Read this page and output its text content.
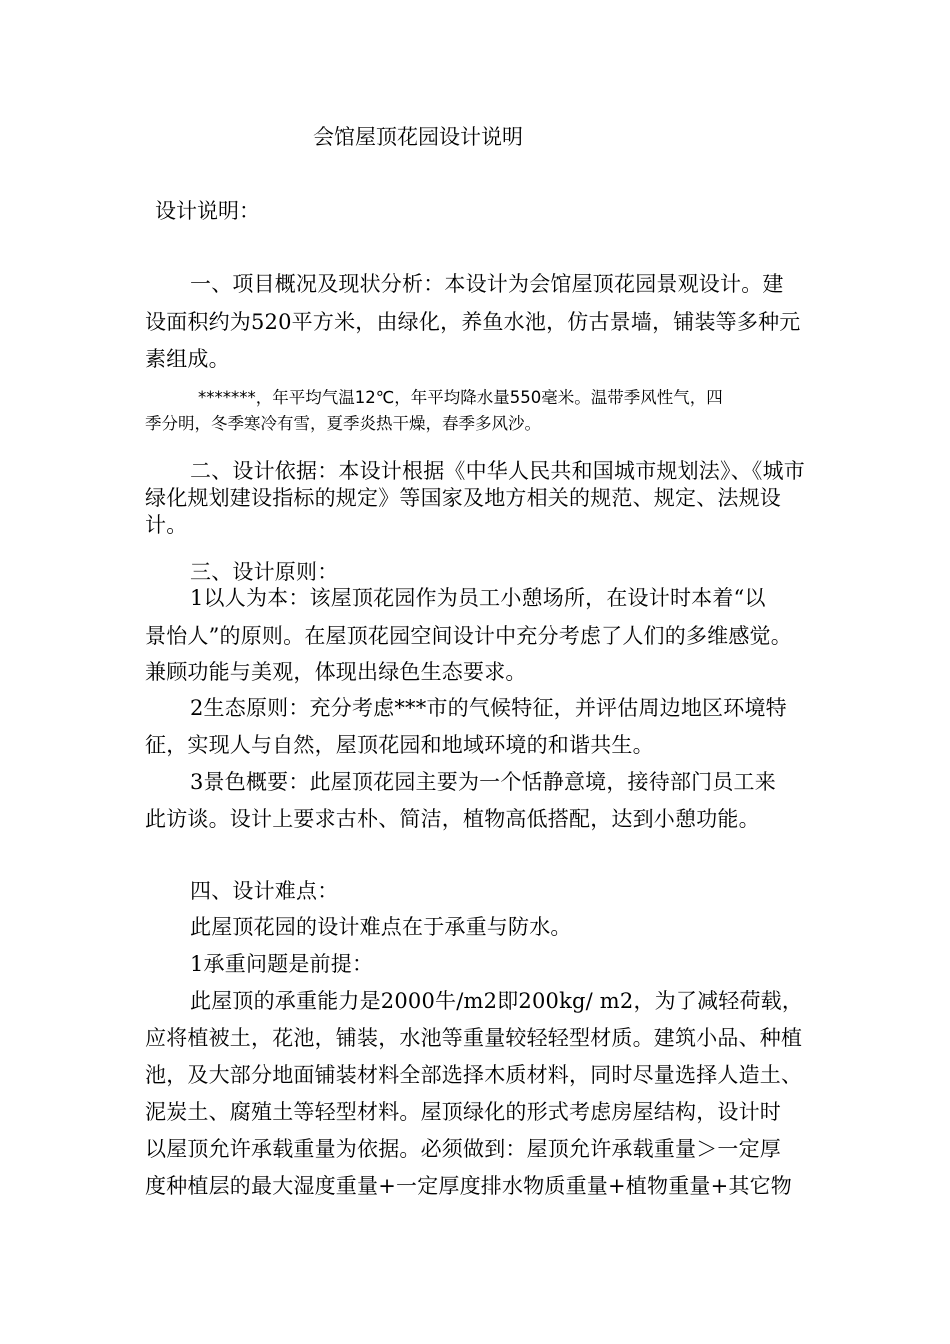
会馆屋顶花园设计说明
设计说明：
一、项目概况及现状分析：本设计为会馆屋顶花园景观设计。建
设面积约为520平方米，由绿化，养鱼水池，仿古景墙，铺装等多种元
素组成。
*******，年平均气温12℃，年平均降水量550毫米。温带季风性气，四
季分明，冬季寒冷有雪，夏季炎热干燥，春季多风沙。
二、设计依据：本设计根据《中华人民共和国城市规划法》、《城市
绿化规划建设指标的规定》等国家及地方相关的规范、规定、法规设
计。
三、设计原则：
1以人为本：该屋顶花园作为员工小憩场所，在设计时本着“以
景怡人”的原则。在屋顶花园空间设计中充分考虑了人们的多维感觉。
兼顾功能与美观，体现出绿色生态要求。
2生态原则：充分考虑***市的气候特征，并评估周边地区环境特
征，实现人与自然，屋顶花园和地域环境的和谐共生。
3景色概要：此屋顶花园主要为一个恬静意境，接待部门员工来
此访谈。设计上要求古朴、简洁，植物高低搭配，达到小憩功能。
四、设计难点：
此屋顶花园的设计难点在于承重与防水。
1承重问题是前提：
此屋顶的承重能力是2000牛/m2即200kg/ m2，为了减轻荷载，
应将植被土，花池，铺装，水池等重量较轻轻型材质。建筑小品、种植
池，及大部分地面铺装材料全部选择木质材料，同时尽量选择人造土、
泥炭土、腐殖土等轻型材料。屋顶绿化的形式考虑房屋结构，设计时
以屋顶允许承载重量为依据。必须做到：屋顶允许承载重量＞一定厚
度种植层的最大湿度重量+一定厚度排水物质重量+植物重量+其它物
